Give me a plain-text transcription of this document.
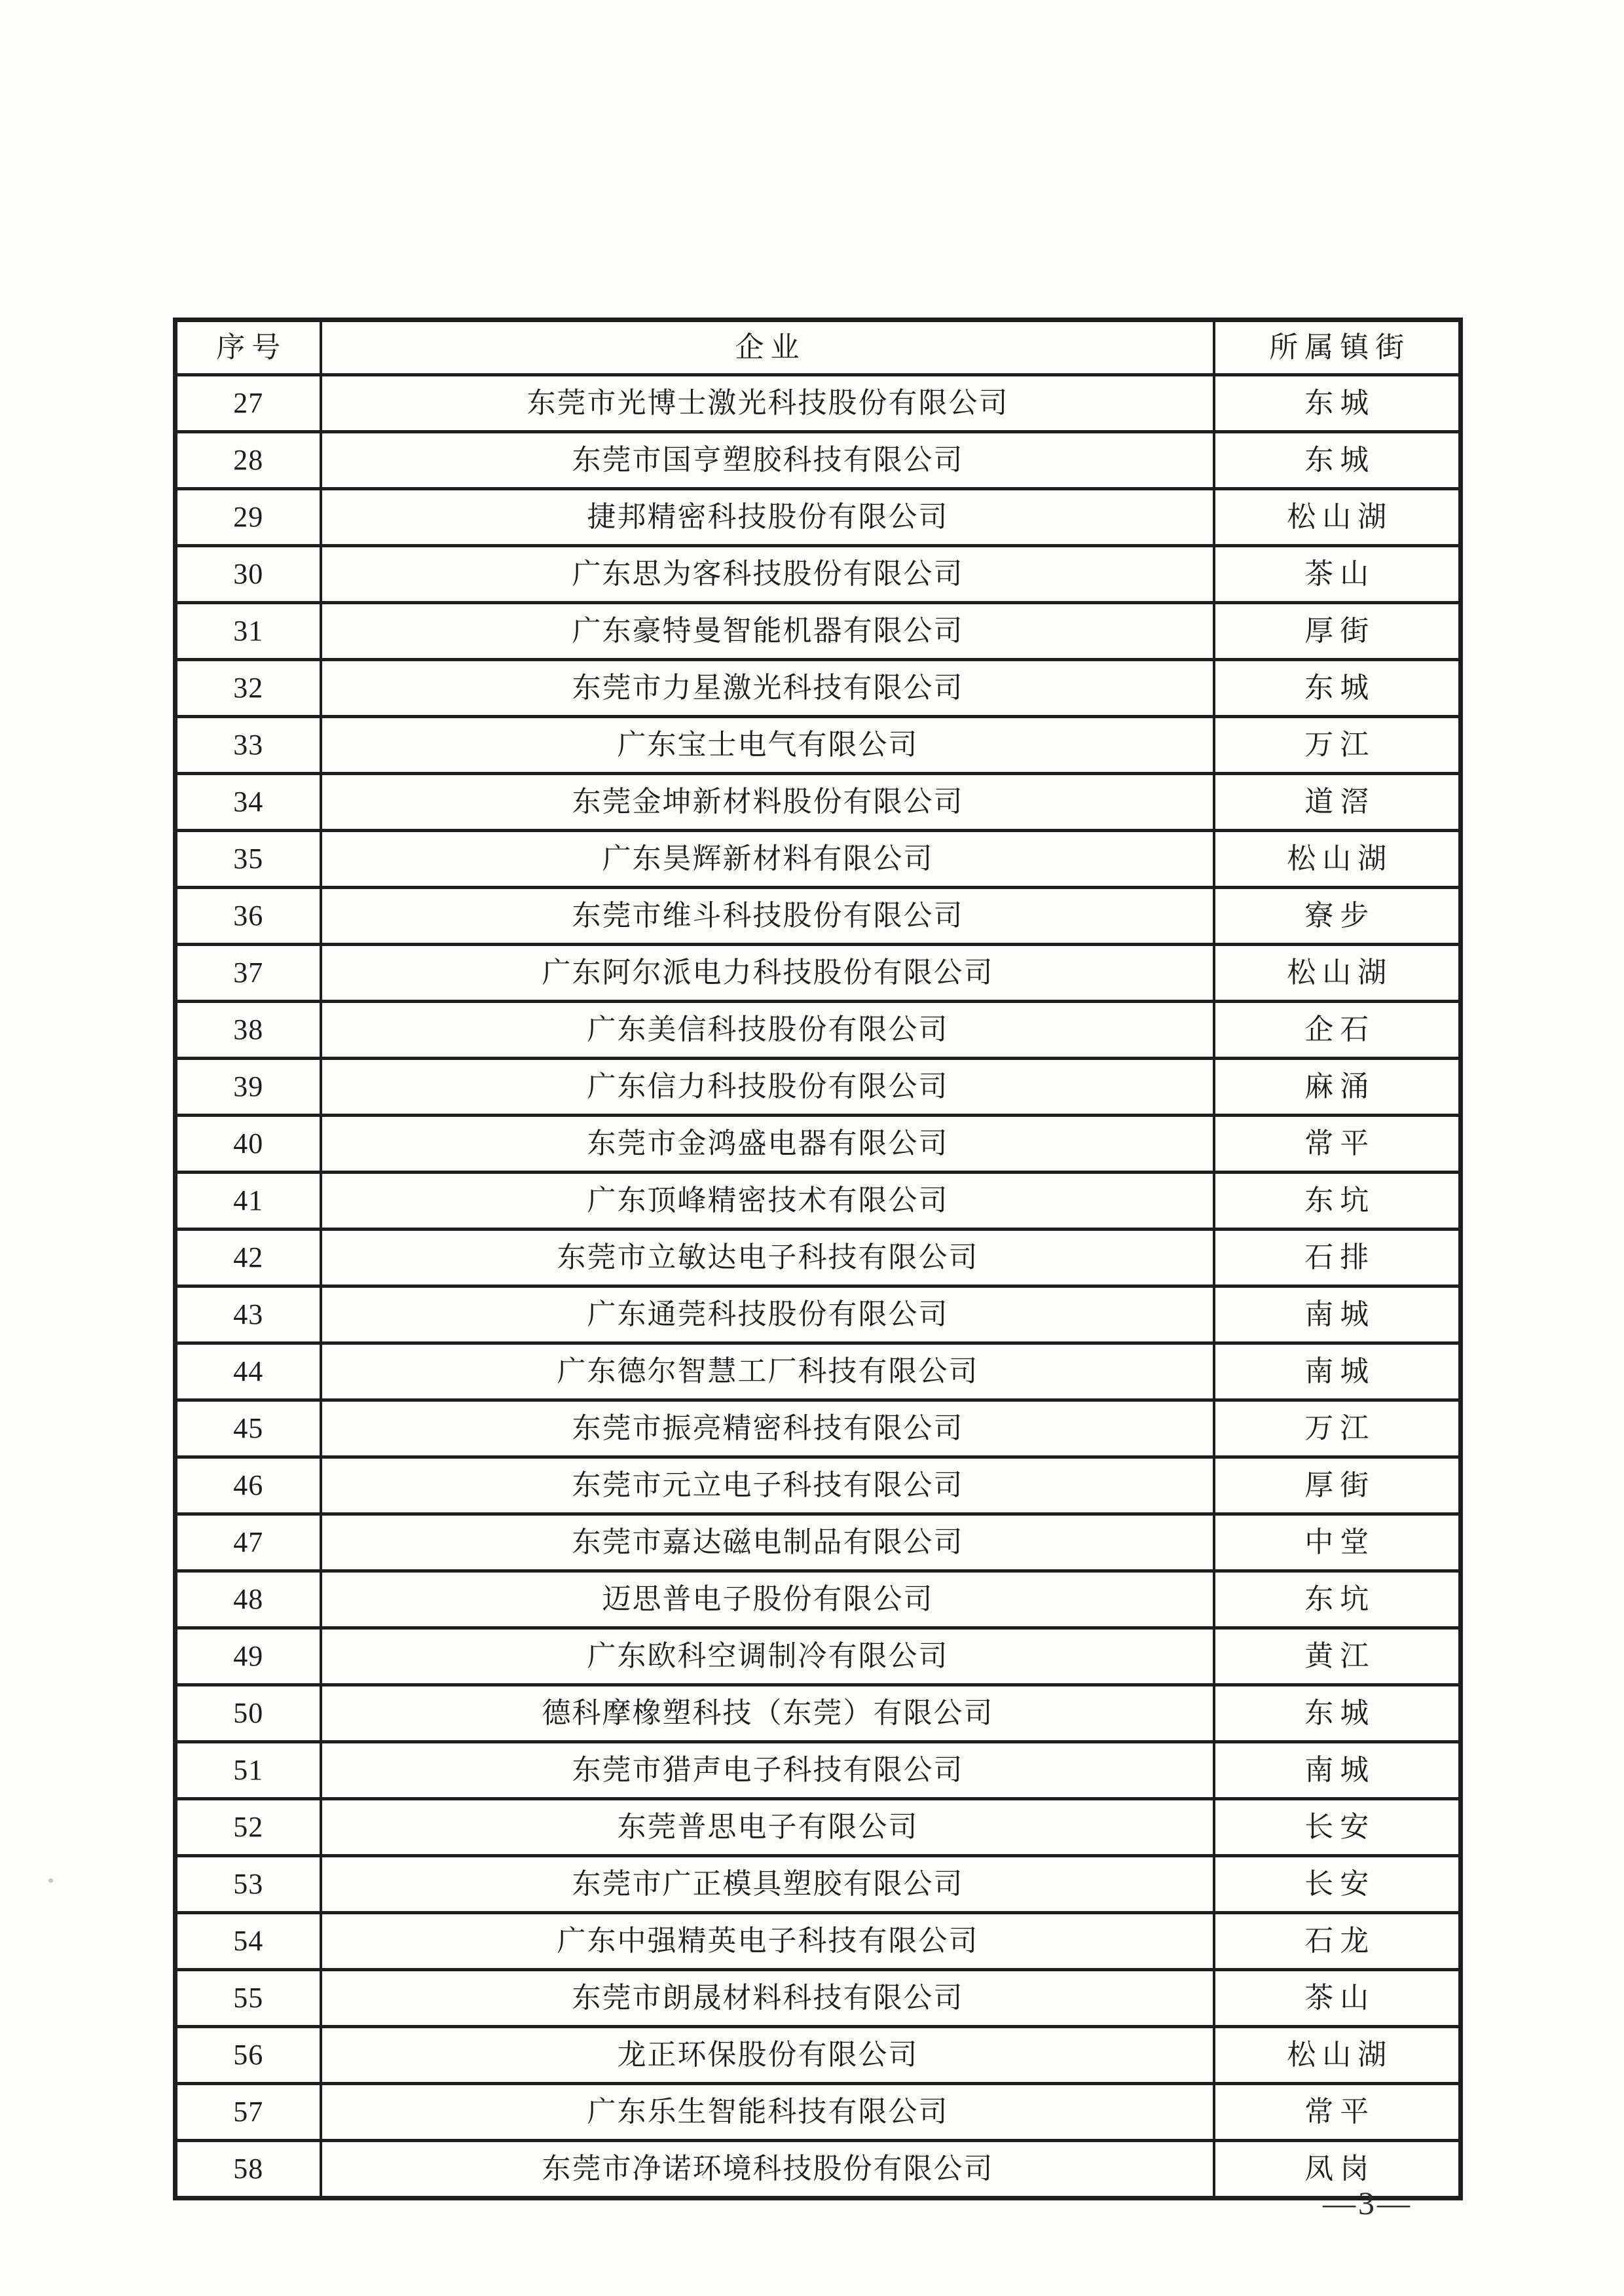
序号	企业	所属镇街
27	东莞市光博士激光科技股份有限公司	东城
28	东莞市国亨塑胶科技有限公司	东城
29	捷邦精密科技股份有限公司	松山湖
30	广东思为客科技股份有限公司	茶山
31	广东豪特曼智能机器有限公司	厚街
32	东莞市力星激光科技有限公司	东城
33	广东宝士电气有限公司	万江
34	东莞金坤新材料股份有限公司	道滘
35	广东昊辉新材料有限公司	松山湖
36	东莞市维斗科技股份有限公司	寮步
37	广东阿尔派电力科技股份有限公司	松山湖
38	广东美信科技股份有限公司	企石
39	广东信力科技股份有限公司	麻涌
40	东莞市金鸿盛电器有限公司	常平
41	广东顶峰精密技术有限公司	东坑
42	东莞市立敏达电子科技有限公司	石排
43	广东通莞科技股份有限公司	南城
44	广东德尔智慧工厂科技有限公司	南城
45	东莞市振亮精密科技有限公司	万江
46	东莞市元立电子科技有限公司	厚街
47	东莞市嘉达磁电制品有限公司	中堂
48	迈思普电子股份有限公司	东坑
49	广东欧科空调制冷有限公司	黄江
50	德科摩橡塑科技（东莞）有限公司	东城
51	东莞市猎声电子科技有限公司	南城
52	东莞普思电子有限公司	长安
53	东莞市广正模具塑胶有限公司	长安
54	广东中强精英电子科技有限公司	石龙
55	东莞市朗晟材料科技有限公司	茶山
56	龙正环保股份有限公司	松山湖
57	广东乐生智能科技有限公司	常平
58	东莞市净诺环境科技股份有限公司	凤岗
—3—
